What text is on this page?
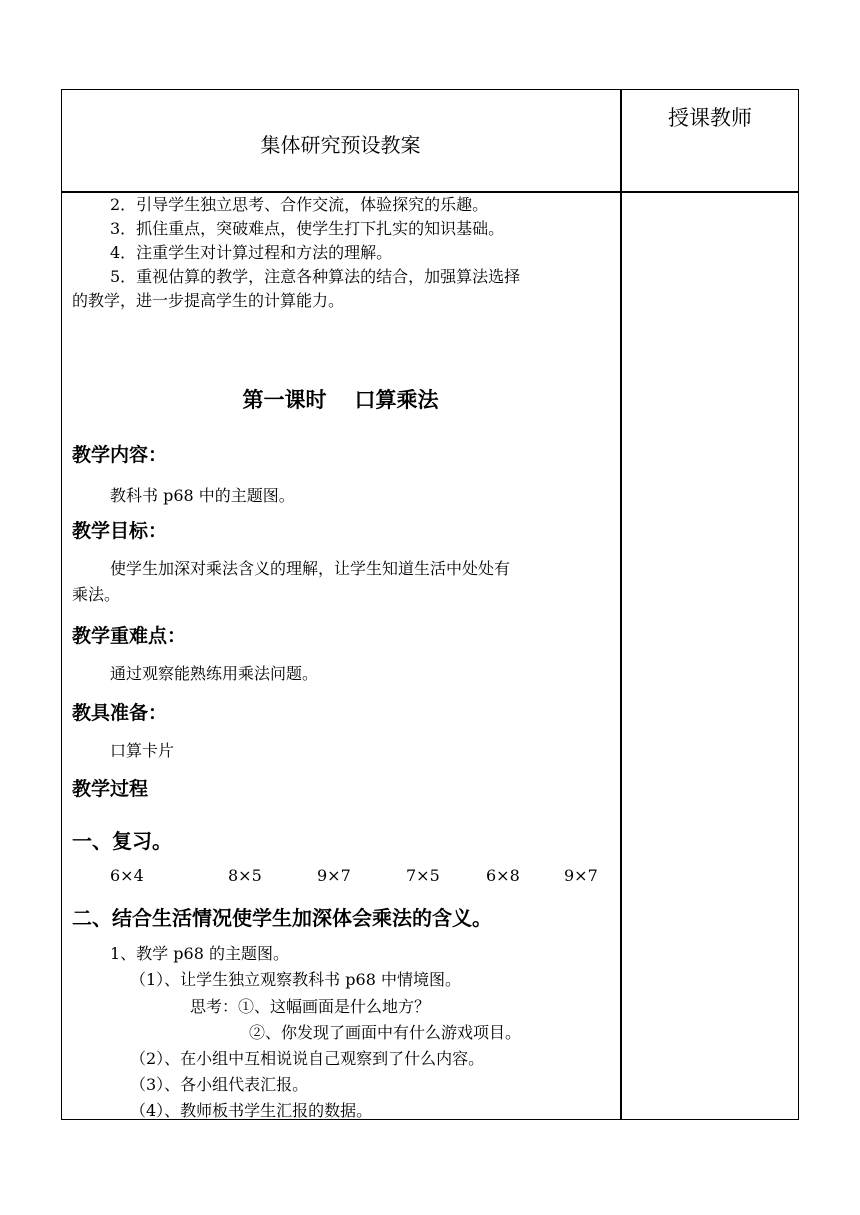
集体研究预设教案
授课教师

2．引导学生独立思考、合作交流，体验探究的乐趣。

3．抓住重点，突破难点，使学生打下扎实的知识基础。

4．注重学生对计算过程和方法的理解。

5．重视估算的教学，注意各种算法的结合，加强算法选择

的教学，进一步提高学生的计算能力。

第一课时 口算乘法
教学内容：
教科书 p68 中的主题图。
教学目标：
使学生加深对乘法含义的理解，让学生知道生活中处处有
乘法。
教学重难点：
通过观察能熟练用乘法问题。
教具准备：
口算卡片
教学过程
一、复习。
6×4	8×5	9×7	7×5	6×8	9×7
二、结合生活情况使学生加深体会乘法的含义。
1、教学 p68 的主题图。
（1）、让学生独立观察教科书 p68 中情境图。
思考：①、这幅画面是什么地方？
②、你发现了画面中有什么游戏项目。
（2）、在小组中互相说说自己观察到了什么内容。
（3）、各小组代表汇报。
（4）、教师板书学生汇报的数据。
